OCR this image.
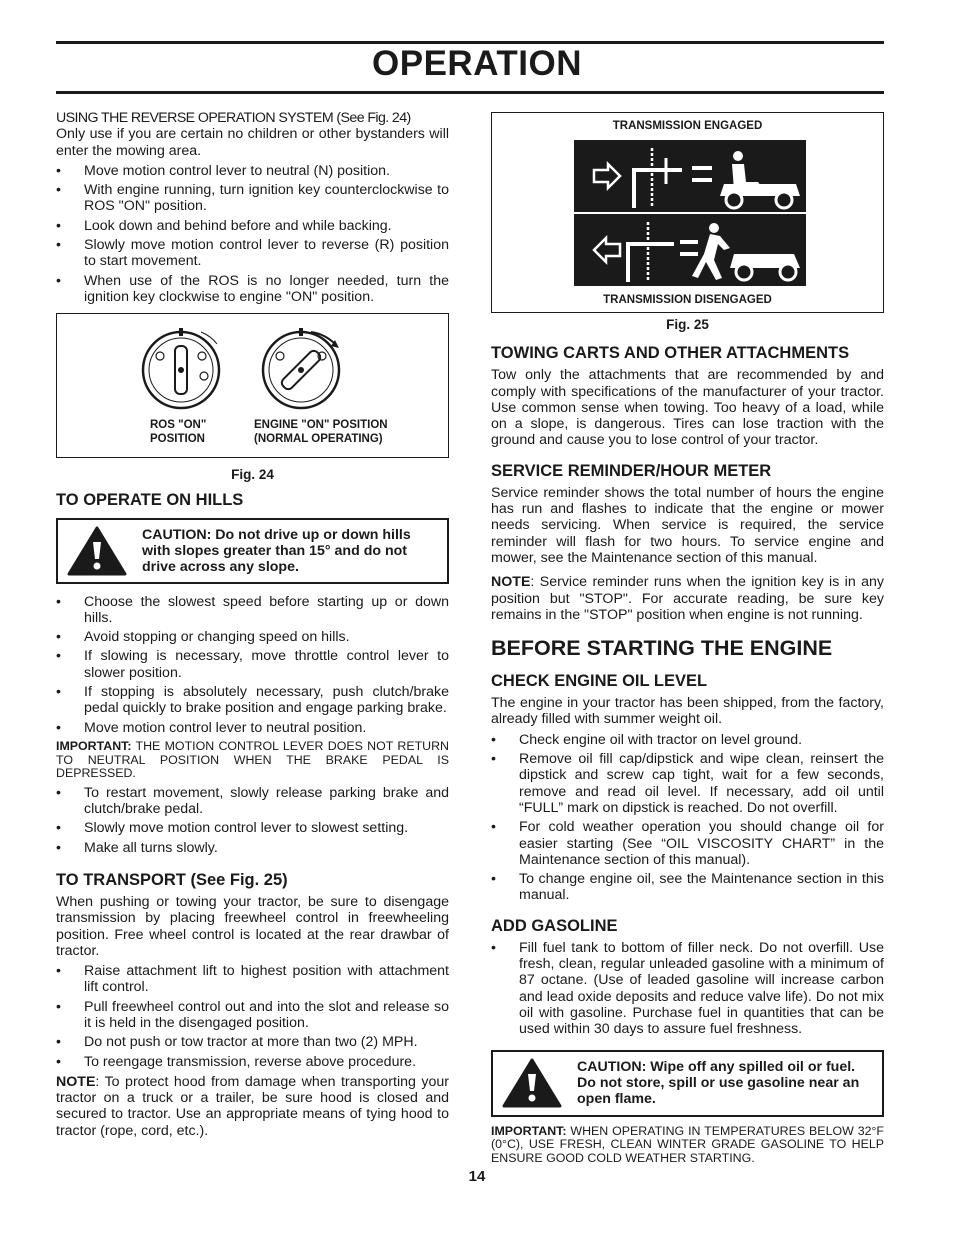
OPERATION

USING THE REVERSE OPERATION SYSTEM (See Fig. 24)

Only use if you are certain no children or other bystanders will enter the mowing area.

• Move motion control lever to neutral (N) position.
• With engine running, turn ignition key counterclockwise to ROS "ON" position.
• Look down and behind before and while backing.
• Slowly move motion control lever to reverse (R) position to start movement.
• When use of the ROS is no longer needed, turn the ignition key clockwise to engine "ON" position.
ROS "ON"
POSITION
ENGINE "ON" POSITION
(NORMAL OPERATING)
Fig. 24
TO OPERATE ON HILLS
CAUTION: Do not drive up or down hills with slopes greater than 15° and do not drive across any slope.
• Choose the slowest speed before starting up or down hills.
• Avoid stopping or changing speed on hills.
• If slowing is necessary, move throttle control lever to slower position.
• If stopping is absolutely necessary, push clutch/brake pedal quickly to brake position and engage parking brake.
• Move motion control lever to neutral position.

IMPORTANT: THE MOTION CONTROL LEVER DOES NOT RETURN TO NEUTRAL POSITION WHEN THE BRAKE PEDAL IS DEPRESSED.

• To restart movement, slowly release parking brake and clutch/brake pedal.
• Slowly move motion control lever to slowest setting.
• Make all turns slowly.
TO TRANSPORT (See Fig. 25)

When pushing or towing your tractor, be sure to disengage transmission by placing freewheel control in freewheeling position. Free wheel control is located at the rear drawbar of tractor.

• Raise attachment lift to highest position with attachment lift control.
• Pull freewheel control out and into the slot and release so it is held in the disengaged position.
• Do not push or tow tractor at more than two (2) MPH.
• To reengage transmission, reverse above procedure.

NOTE: To protect hood from damage when transporting your tractor on a truck or a trailer, be sure hood is closed and secured to tractor. Use an appropriate means of tying hood to tractor (rope, cord, etc.).

TRANSMISSION ENGAGED
TRANSMISSION DISENGAGED
Fig. 25
TOWING CARTS AND OTHER ATTACHMENTS

Tow only the attachments that are recommended by and comply with specifications of the manufacturer of your tractor. Use common sense when towing. Too heavy of a load, while on a slope, is dangerous. Tires can lose traction with the ground and cause you to lose control of your tractor.

SERVICE REMINDER/HOUR METER

Service reminder shows the total number of hours the engine has run and flashes to indicate that the engine or mower needs servicing. When service is required, the service reminder will flash for two hours. To service engine and mower, see the Maintenance section of this manual.

NOTE: Service reminder runs when the ignition key is in any position but "STOP". For accurate reading, be sure key remains in the "STOP" position when engine is not running.

BEFORE STARTING THE ENGINE
CHECK ENGINE OIL LEVEL

The engine in your tractor has been shipped, from the factory, already filled with summer weight oil.

• Check engine oil with tractor on level ground.
• Remove oil fill cap/dipstick and wipe clean, reinsert the dipstick and screw cap tight, wait for a few seconds, remove and read oil level. If necessary, add oil until “FULL” mark on dipstick is reached. Do not overfill.
• For cold weather operation you should change oil for easier starting (See “OIL VISCOSITY CHART” in the Maintenance section of this manual).
• To change engine oil, see the Maintenance section in this manual.
ADD GASOLINE
• Fill fuel tank to bottom of filler neck. Do not overfill. Use fresh, clean, regular unleaded gasoline with a minimum of 87 octane. (Use of leaded gasoline will increase carbon and lead oxide deposits and reduce valve life). Do not mix oil with gasoline. Purchase fuel in quantities that can be used within 30 days to assure fuel freshness.
CAUTION: Wipe off any spilled oil or fuel. Do not store, spill or use gasoline near an open flame.

IMPORTANT: WHEN OPERATING IN TEMPERATURES BELOW 32°F (0°C), USE FRESH, CLEAN WINTER GRADE GASOLINE TO HELP ENSURE GOOD COLD WEATHER STARTING.

14
